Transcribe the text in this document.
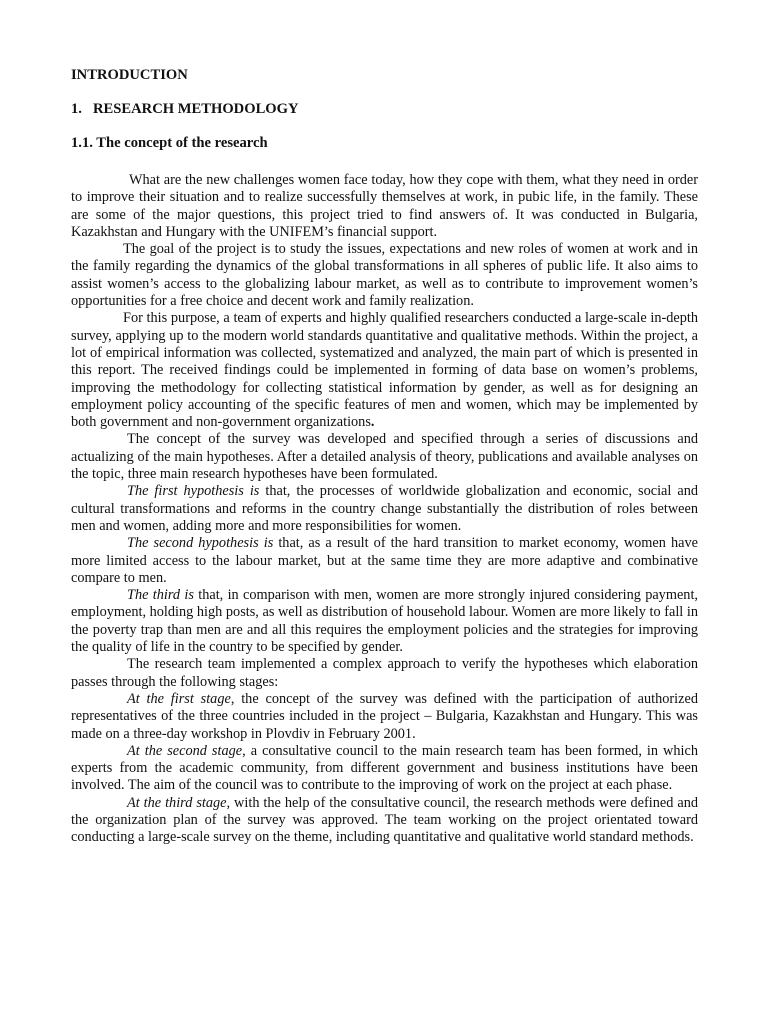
INTRODUCTION

1. RESEARCH METHODOLOGY

1.1. The concept of the research

What are the new challenges women face today, how they cope with them, what they need in order to improve their situation and to realize successfully themselves at work, in pubic life, in the family. These are some of the major questions, this project tried to find answers of. It was conducted in Bulgaria, Kazakhstan and Hungary with the UNIFEM’s financial support.

The goal of the project is to study the issues, expectations and new roles of women at work and in the family regarding the dynamics of the global transformations in all spheres of public life. It also aims to assist women’s access to the globalizing labour market, as well as to contribute to improvement women’s opportunities for a free choice and decent work and family realization.

For this purpose, a team of experts and highly qualified researchers conducted a large-scale in-depth survey, applying up to the modern world standards quantitative and qualitative methods. Within the project, a lot of empirical information was collected, systematized and analyzed, the main part of which is presented in this report. The received findings could be implemented in forming of data base on women’s problems, improving the methodology for collecting statistical information by gender, as well as for designing an employment policy accounting of the specific features of men and women, which may be implemented by both government and non-government organizations.

The concept of the survey was developed and specified through a series of discussions and actualizing of the main hypotheses. After a detailed analysis of theory, publications and available analyses on the topic, three main research hypotheses have been formulated.

The first hypothesis is that, the processes of worldwide globalization and economic, social and cultural transformations and reforms in the country change substantially the distribution of roles between men and women, adding more and more responsibilities for women.

The second hypothesis is that, as a result of the hard transition to market economy, women have more limited access to the labour market, but at the same time they are more adaptive and combinative compare to men.

The third is that, in comparison with men, women are more strongly injured considering payment, employment, holding high posts, as well as distribution of household labour. Women are more likely to fall in the poverty trap than men are and all this requires the employment policies and the strategies for improving the quality of life in the country to be specified by gender.

The research team implemented a complex approach to verify the hypotheses which elaboration passes through the following stages:

At the first stage, the concept of the survey was defined with the participation of authorized representatives of the three countries included in the project – Bulgaria, Kazakhstan and Hungary. This was made on a three-day workshop in Plovdiv in February 2001.

At the second stage, a consultative council to the main research team has been formed, in which experts from the academic community, from different government and business institutions have been involved. The aim of the council was to contribute to the improving of work on the project at each phase.

At the third stage, with the help of the consultative council, the research methods were defined and the organization plan of the survey was approved. The team working on the project orientated toward conducting a large-scale survey on the theme, including quantitative and qualitative world standard methods.
